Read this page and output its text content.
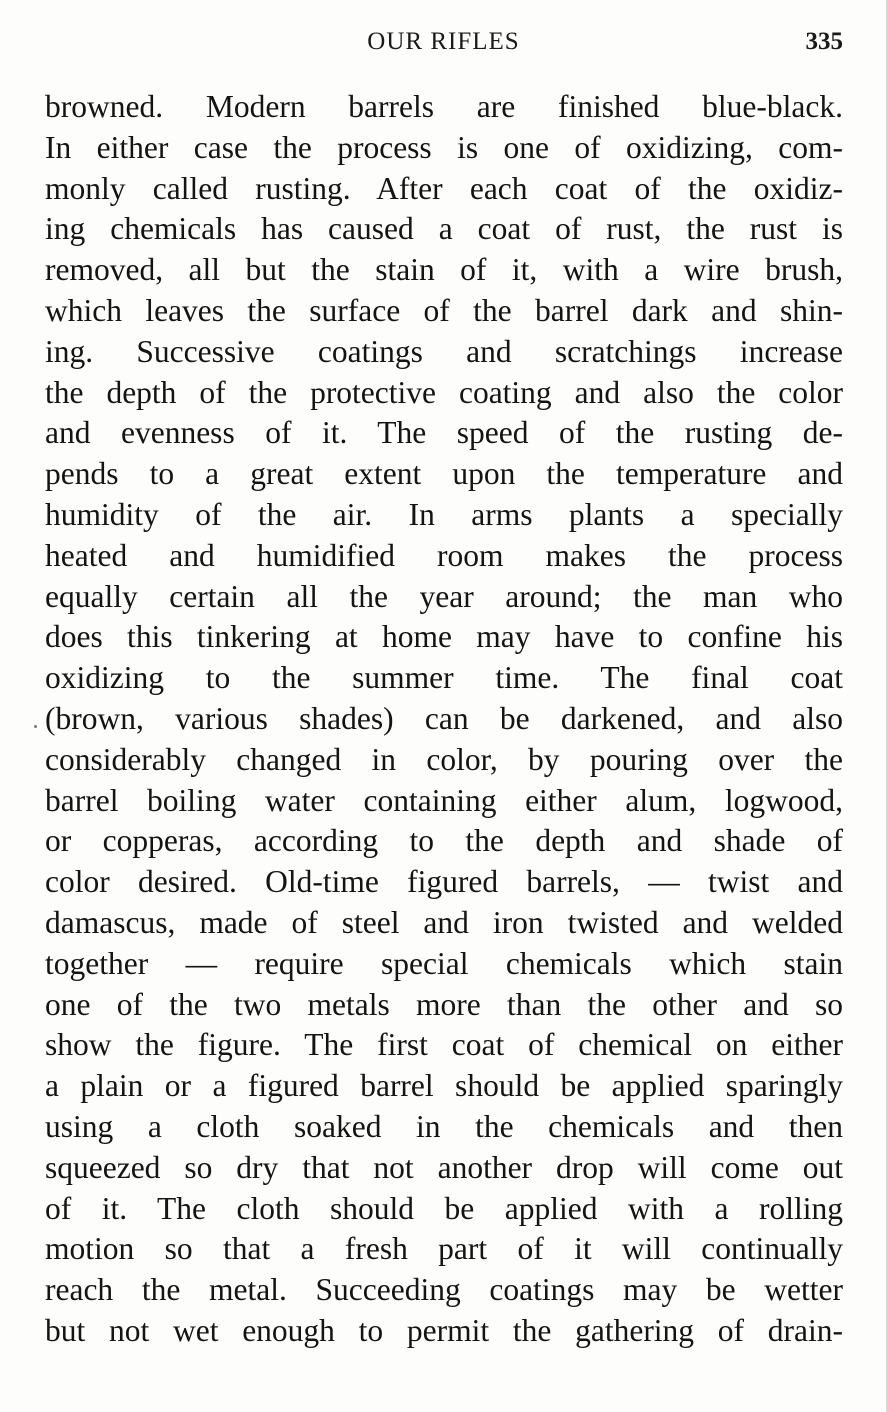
OUR RIFLES	335
browned. Modern barrels are finished blue-black.
In either case the process is one of oxidizing, com-
monly called rusting. After each coat of the oxidiz-
ing chemicals has caused a coat of rust, the rust is
removed, all but the stain of it, with a wire brush,
which leaves the surface of the barrel dark and shin-
ing. Successive coatings and scratchings increase
the depth of the protective coating and also the color
and evenness of it. The speed of the rusting de-
pends to a great extent upon the temperature and
humidity of the air. In arms plants a specially
heated and humidified room makes the process
equally certain all the year around; the man who
does this tinkering at home may have to confine his
oxidizing to the summer time. The final coat
(brown, various shades) can be darkened, and also
considerably changed in color, by pouring over the
barrel boiling water containing either alum, logwood,
or copperas, according to the depth and shade of
color desired. Old-time figured barrels, — twist and
damascus, made of steel and iron twisted and welded
together — require special chemicals which stain
one of the two metals more than the other and so
show the figure. The first coat of chemical on either
a plain or a figured barrel should be applied sparingly
using a cloth soaked in the chemicals and then
squeezed so dry that not another drop will come out
of it. The cloth should be applied with a rolling
motion so that a fresh part of it will continually
reach the metal. Succeeding coatings may be wetter
but not wet enough to permit the gathering of drain-
